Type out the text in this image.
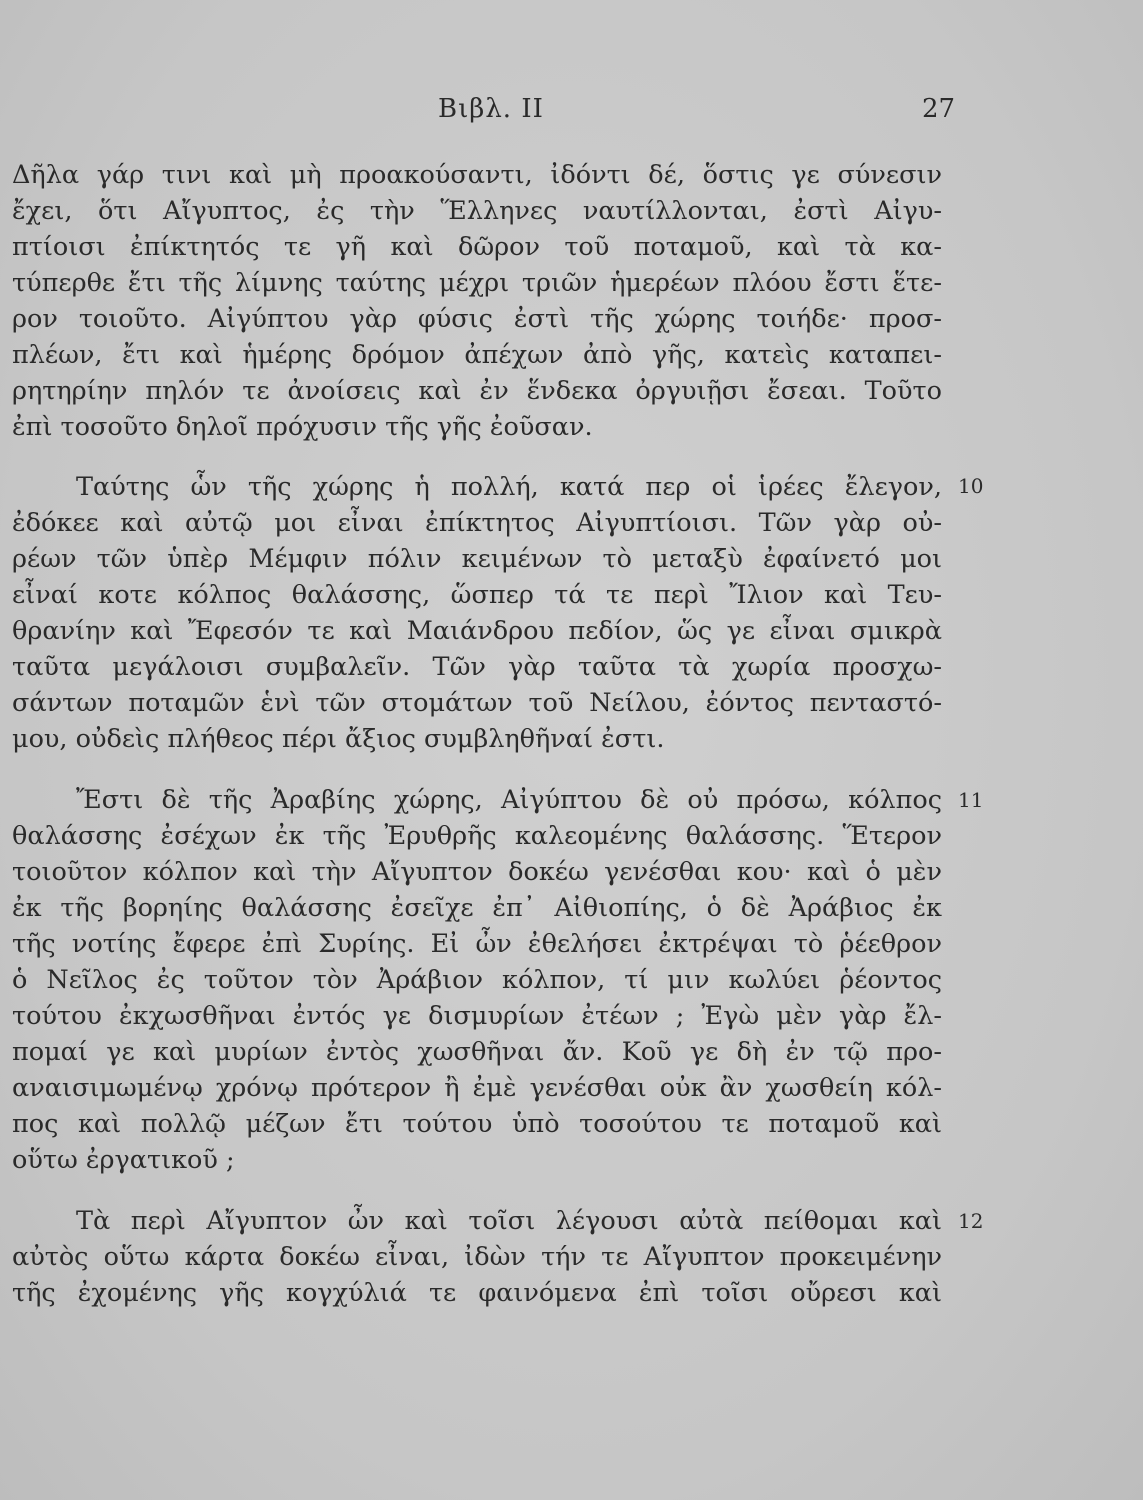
Βιβλ. II	27
Δῆλα γάρ τινι καὶ μὴ προακούσαντι, ἰδόντι δέ, ὅστις γε σύνεσιν
ἔχει, ὅτι Αἴγυπτος, ἐς τὴν Ἕλληνες ναυτίλλονται, ἐστὶ Αἰγυ-
πτίοισι ἐπίκτητός τε γῆ καὶ δῶρον τοῦ ποταμοῦ, καὶ τὰ κα-
τύπερθε ἔτι τῆς λίμνης ταύτης μέχρι τριῶν ἡμερέων πλόου ἔστι ἕτε-
ρον τοιοῦτο. Αἰγύπτου γὰρ φύσις ἐστὶ τῆς χώρης τοιήδε· προσ-
πλέων, ἔτι καὶ ἡμέρης δρόμον ἀπέχων ἀπὸ γῆς, κατεὶς καταπει-
ρητηρίην πηλόν τε ἀνοίσεις καὶ ἐν ἕνδεκα ὀργυιῇσι ἔσεαι. Τοῦτο
ἐπὶ τοσοῦτο δηλοῖ πρόχυσιν τῆς γῆς ἐοῦσαν.
Ταύτης ὧν τῆς χώρης ἡ πολλή, κατά περ οἱ ἱρέες ἔλεγον, 10
ἐδόκεε καὶ αὐτῷ μοι εἶναι ἐπίκτητος Αἰγυπτίοισι. Τῶν γὰρ οὐ-
ρέων τῶν ὑπὲρ Μέμφιν πόλιν κειμένων τὸ μεταξὺ ἐφαίνετό μοι
εἶναί κοτε κόλπος θαλάσσης, ὥσπερ τά τε περὶ Ἴλιον καὶ Τευ-
θρανίην καὶ Ἔφεσόν τε καὶ Μαιάνδρου πεδίον, ὥς γε εἶναι σμικρὰ
ταῦτα μεγάλοισι συμβαλεῖν. Τῶν γὰρ ταῦτα τὰ χωρία προσχω-
σάντων ποταμῶν ἑνὶ τῶν στομάτων τοῦ Νείλου, ἐόντος πενταστό-
μου, οὐδεὶς πλήθεος πέρι ἄξιος συμβληθῆναί ἐστι.
Ἔστι δὲ τῆς Ἀραβίης χώρης, Αἰγύπτου δὲ οὐ πρόσω, κόλπος 11
θαλάσσης ἐσέχων ἐκ τῆς Ἐρυθρῆς καλεομένης θαλάσσης. Ἕτερον
τοιοῦτον κόλπον καὶ τὴν Αἴγυπτον δοκέω γενέσθαι κου· καὶ ὁ μὲν
ἐκ τῆς βορηίης θαλάσσης ἐσεῖχε ἐπ᾽ Αἰθιοπίης, ὁ δὲ Ἀράβιος ἐκ
τῆς νοτίης ἔφερε ἐπὶ Συρίης. Εἰ ὦν ἐθελήσει ἐκτρέψαι τὸ ῥέεθρον
ὁ Νεῖλος ἐς τοῦτον τὸν Ἀράβιον κόλπον, τί μιν κωλύει ῥέοντος
τούτου ἐκχωσθῆναι ἐντός γε δισμυρίων ἐτέων ; Ἐγὼ μὲν γὰρ ἔλ-
πομαί γε καὶ μυρίων ἐντὸς χωσθῆναι ἄν. Κοῦ γε δὴ ἐν τῷ προ-
αναισιμωμένῳ χρόνῳ πρότερον ἢ ἐμὲ γενέσθαι οὐκ ἂν χωσθείη κόλ-
πος καὶ πολλῷ μέζων ἔτι τούτου ὑπὸ τοσούτου τε ποταμοῦ καὶ
οὕτω ἐργατικοῦ ;
Τὰ περὶ Αἴγυπτον ὦν καὶ τοῖσι λέγουσι αὐτὰ πείθομαι καὶ 12
αὐτὸς οὕτω κάρτα δοκέω εἶναι, ἰδὼν τήν τε Αἴγυπτον προκειμένην
τῆς ἐχομένης γῆς κογχύλιά τε φαινόμενα ἐπὶ τοῖσι οὔρεσι καὶ
